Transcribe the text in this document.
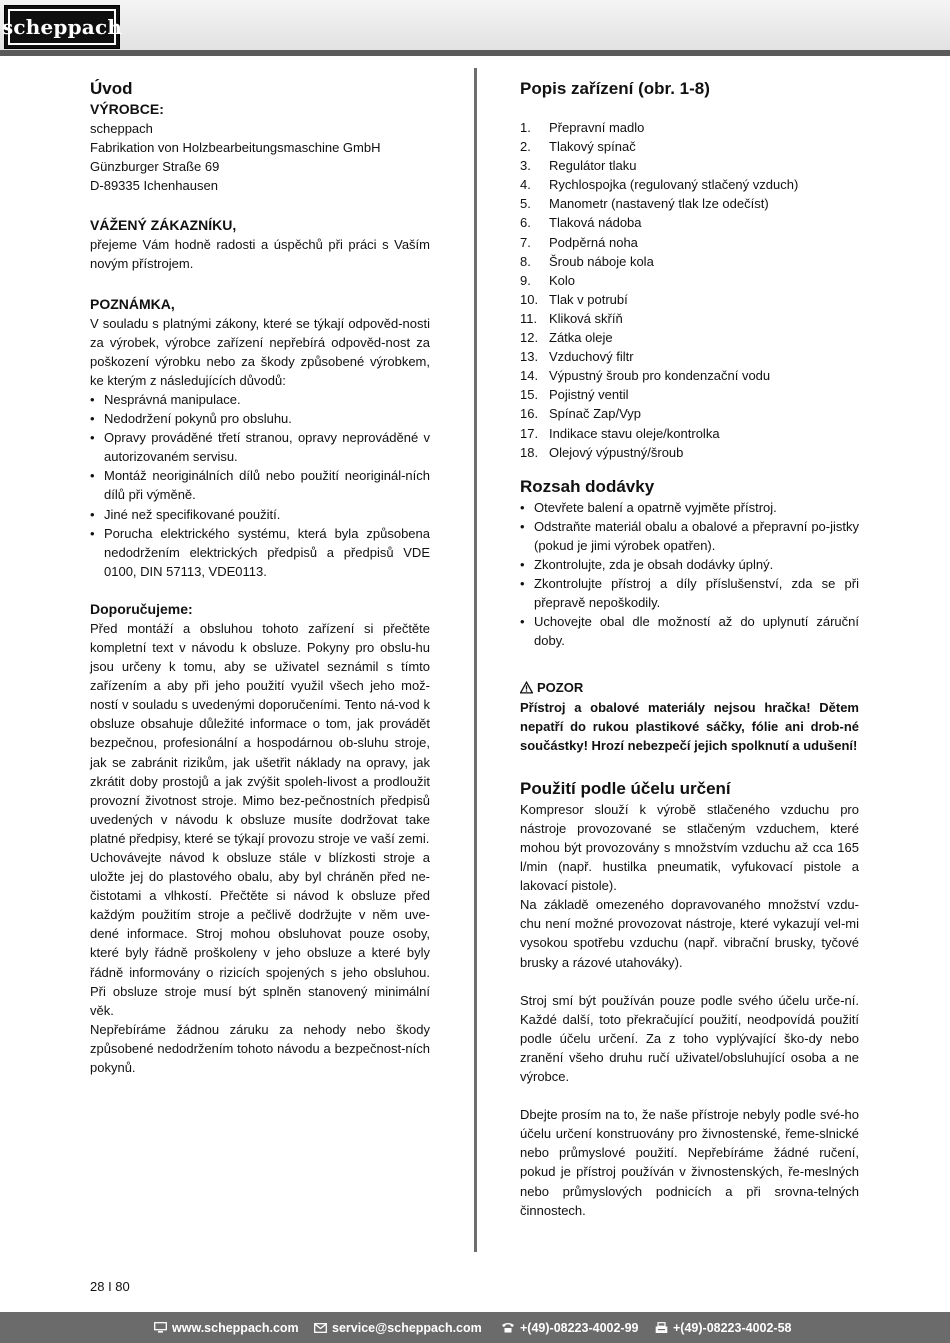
scheppach
Úvod
VÝROBCE:
scheppach
Fabrikation von Holzbearbeitungsmaschine GmbH
Günzburger Straße 69
D-89335 Ichenhausen
VÁŽENÝ ZÁKAZNÍKU,

přejeme Vám hodně radosti a úspěchů při práci s Vaším novým přístrojem.

POZNÁMKA,

V souladu s platnými zákony, které se týkají odpověd-nosti za výrobek, výrobce zařízení nepřebírá odpověd-nost za poškození výrobku nebo za škody způsobené výrobkem, ke kterým z následujících důvodů:

• Nesprávná manipulace.
• Nedodržení pokynů pro obsluhu.
• Opravy prováděné třetí stranou, opravy neprováděné v autorizovaném servisu.
• Montáž neoriginálních dílů nebo použití neoriginál-ních dílů při výměně.
• Jiné než specifikované použití.
• Porucha elektrického systému, která byla způsobena nedodržením elektrických předpisů a předpisů VDE 0100, DIN 57113, VDE0113.
Doporučujeme:

Před montáží a obsluhou tohoto zařízení si přečtěte kompletní text v návodu k obsluze. Pokyny pro obslu-hu jsou určeny k tomu, aby se uživatel seznámil s tímto zařízením a aby při jeho použití využil všech jeho mož-ností v souladu s uvedenými doporučeními. Tento ná-vod k obsluze obsahuje důležité informace o tom, jak provádět bezpečnou, profesionální a hospodárnou ob-sluhu stroje, jak se zabránit rizikům, jak ušetřit náklady na opravy, jak zkrátit doby prostojů a jak zvýšit spoleh-livost a prodloužit provozní životnost stroje. Mimo bez-pečnostních předpisů uvedených v návodu k obsluze musíte dodržovat take platné předpisy, které se týkají provozu stroje ve vaší zemi.

Uchovávejte návod k obsluze stále v blízkosti stroje a uložte jej do plastového obalu, aby byl chráněn před ne-čistotami a vlhkostí. Přečtěte si návod k obsluze před každým použitím stroje a pečlivě dodržujte v něm uve-dené informace. Stroj mohou obsluhovat pouze osoby, které byly řádně proškoleny v jeho obsluze a které byly řádně informovány o rizicích spojených s jeho obsluhou. Při obsluze stroje musí být splněn stanovený minimální věk.

Nepřebíráme žádnou záruku za nehody nebo škody způsobené nedodržením tohoto návodu a bezpečnost-ních pokynů.

Popis zařízení (obr. 1-8)
1.	Přepravní madlo
2.	Tlakový spínač
3.	Regulátor tlaku
4.	Rychlospojka (regulovaný stlačený vzduch)
5.	Manometr (nastavený tlak lze odečíst)
6.	Tlaková nádoba
7.	Podpěrná noha
8.	Šroub náboje kola
9.	Kolo
10. Tlak v potrubí
11. Kliková skříň
12. Zátka oleje
13. Vzduchový filtr
14. Výpustný šroub pro kondenzační vodu
15. Pojistný ventil
16. Spínač Zap/Vyp
17. Indikace stavu oleje/kontrolka
18. Olejový výpustný/šroub
Rozsah dodávky
• Otevřete balení a opatrně vyjměte přístroj.
• Odstraňte materiál obalu a obalové a přepravní po-jistky (pokud je jimi výrobek opatřen).
• Zkontrolujte, zda je obsah dodávky úplný.
• Zkontrolujte přístroj a díly příslušenství, zda se při přepravě nepoškodily.
• Uchovejte obal dle možností až do uplynutí záruční doby.
POZOR

Přístroj a obalové materiály nejsou hračka! Dětem nepatří do rukou plastikové sáčky, fólie ani drob-né součástky! Hrozí nebezpečí jejich spolknutí a udušení!

Použití podle účelu určení

Kompresor slouží k výrobě stlačeného vzduchu pro nástroje provozované se stlačeným vzduchem, které mohou být provozovány s množstvím vzduchu až cca 165 l/min (např. hustilka pneumatik, vyfukovací pistole a lakovací pistole).

Na základě omezeného dopravovaného množství vzdu-chu není možné provozovat nástroje, které vykazují vel-mi vysokou spotřebu vzduchu (např. vibrační brusky, tyčové brusky a rázové utahováky).

Stroj smí být používán pouze podle svého účelu urče-ní. Každé další, toto překračující použití, neodpovídá použití podle účelu určení. Za z toho vyplývající ško-dy nebo zranění všeho druhu ručí uživatel/obsluhující osoba a ne výrobce.

Dbejte prosím na to, že naše přístroje nebyly podle své-ho účelu určení konstruovány pro živnostenské, řeme-slnické nebo průmyslové použití. Nepřebíráme žádné ručení, pokud je přístroj používán v živnostenských, ře-meslných nebo průmyslových podnicích a při srovna-telných činnostech.

28 I 80
www.scheppach.com	service@scheppach.com	+(49)-08223-4002-99	+(49)-08223-4002-58
